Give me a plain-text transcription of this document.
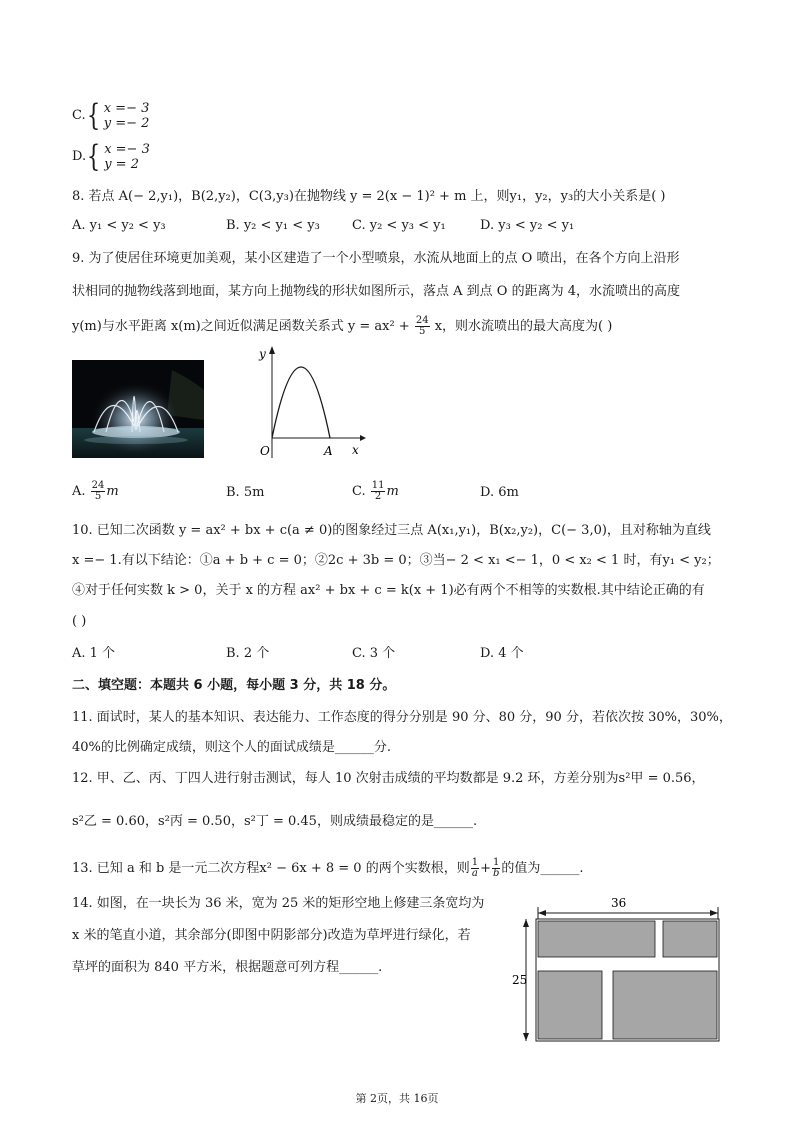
C. { x =− 3
y =− 2
D. { x =− 3
y = 2
8. 若点 A(− 2,y₁)，B(2,y₂)，C(3,y₃)在抛物线 y = 2(x − 1)² + m 上，则y₁，y₂，y₃的大小关系是( )
A. y₁ < y₂ < y₃	B. y₂ < y₁ < y₃ C. y₂ < y₃ < y₁	D. y₃ < y₂ < y₁
9. 为了使居住环境更加美观，某小区建造了一个小型喷泉，水流从地面上的点 O 喷出，在各个方向上沿形
状相同的抛物线落到地面，某方向上抛物线的形状如图所示，落点 A 到点 O 的距离为 4，水流喷出的高度
y(m)与水平距离 x(m)之间近似满足函数关系式 $y = ax^2 + \frac{24}{5}$ x，则水流喷出的最大高度为( )
y
x
O	A
A. $\frac{24}{5}$ m	B. 5m	C. $\frac{11}{2}$ m	D. 6m
10. 已知二次函数 y = ax² + bx + c(a ≠ 0)的图象经过三点 A(x₁,y₁)，B(x₂,y₂)，C(− 3,0)，且对称轴为直线
x =− 1.有以下结论：①a + b + c = 0；②2c + 3b = 0；③当− 2 < x₁ <− 1，0 < x₂ < 1 时，有y₁ < y₂；
④对于任何实数 k > 0，关于 x 的方程 ax² + bx + c = k(x + 1)必有两个不相等的实数根.其中结论正确的有
( )
A. 1 个	B. 2 个	C. 3 个	D. 4 个
二、填空题：本题共 6 小题，每小题 3 分，共 18 分。
11. 面试时，某人的基本知识、表达能力、工作态度的得分分别是 90 分、80 分，90 分，若依次按 30%，30%，
40%的比例确定成绩，则这个人的面试成绩是______分.
12. 甲、乙、丙、丁四人进行射击测试，每人 10 次射击成绩的平均数都是 9.2 环，方差分别为s²甲 = 0.56，
s²乙 = 0.60，s²丙 = 0.50，s²丁 = 0.45，则成绩最稳定的是______.
13. 已知 a 和 b 是一元二次方程x² − 6x + 8 = 0 的两个实数根，则 $\frac{1}{a} + \frac{1}{b}$ 的值为______.
14. 如图，在一块长为 36 米，宽为 25 米的矩形空地上修建三条宽均为
x 米的笔直小道，其余部分(即图中阴影部分)改造为草坪进行绿化，若
草坪的面积为 840 平方米，根据题意可列方程______.
36
25
第 2页，共 16页
